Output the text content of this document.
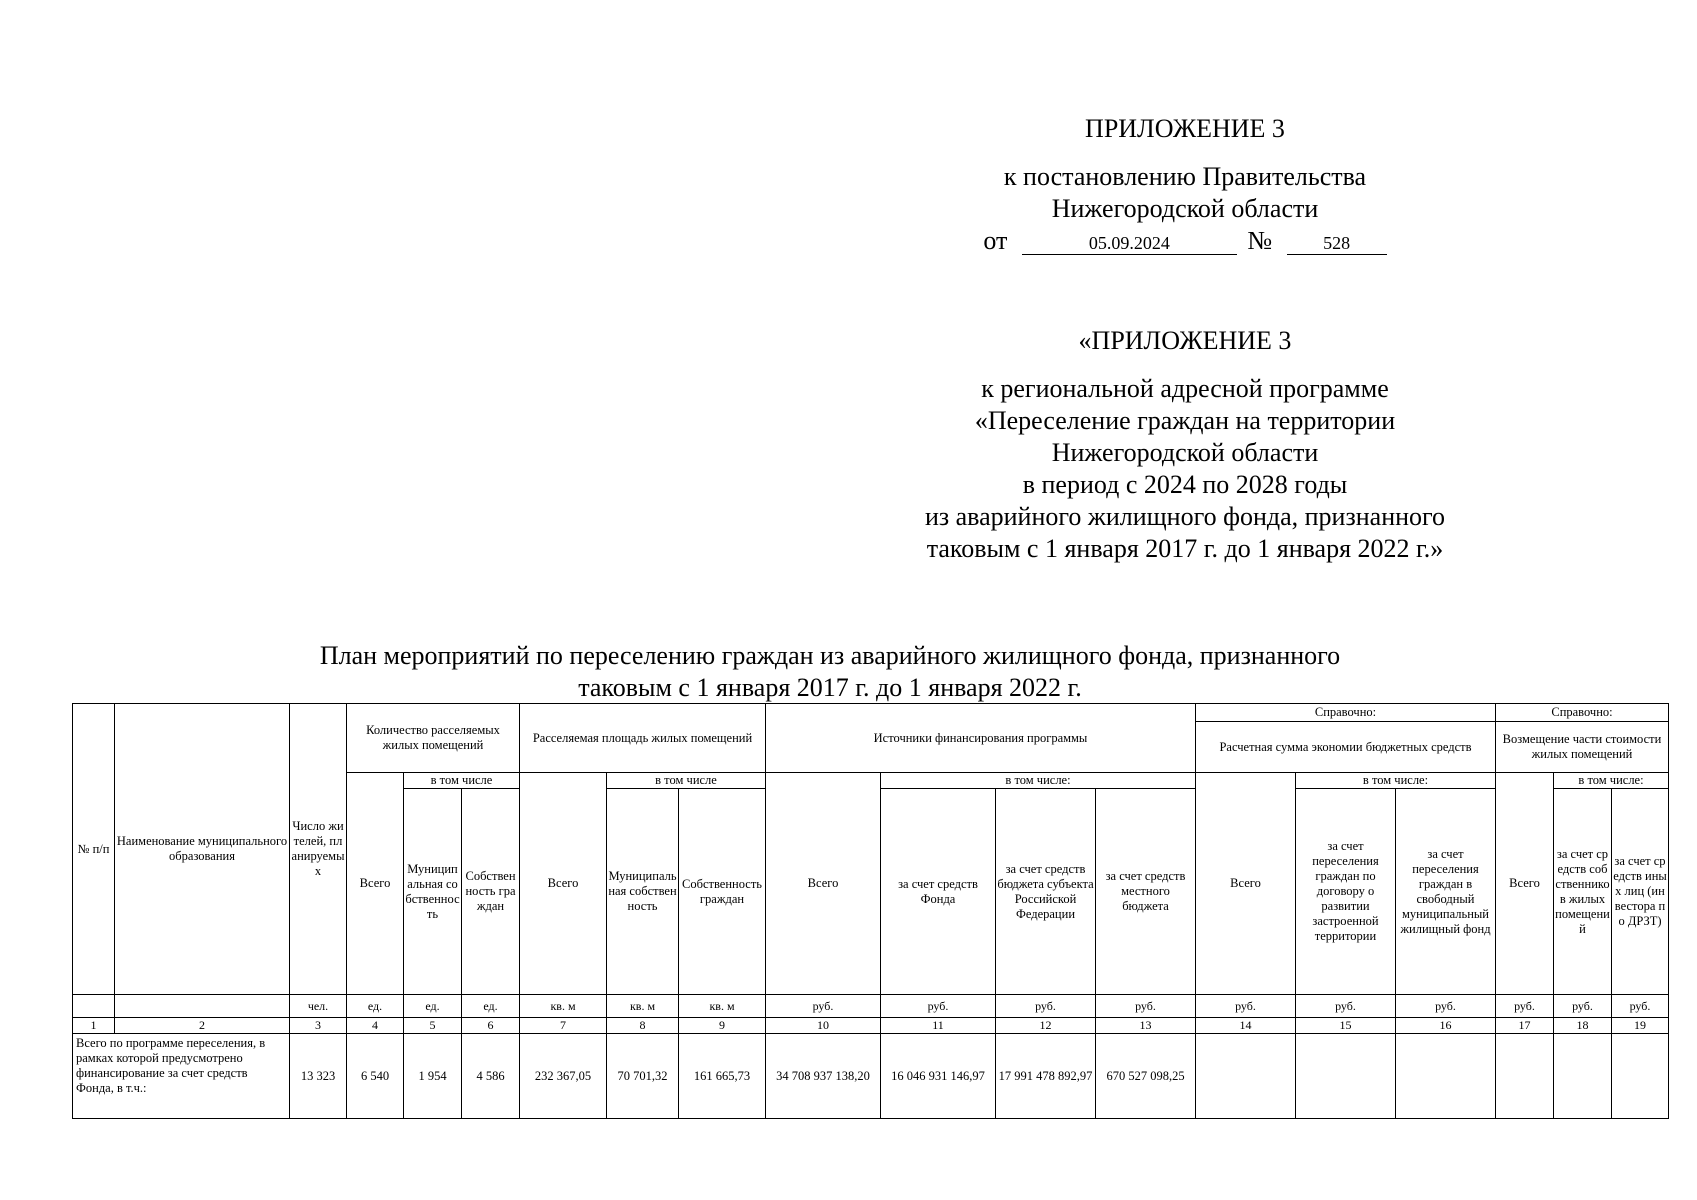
ПРИЛОЖЕНИЕ 3
к постановлению Правительства
Нижегородской области
от	05.09.2024	№	528
«ПРИЛОЖЕНИЕ 3
к региональной адресной программе
«Переселение граждан на территории
Нижегородской области
в период с 2024 по 2028 годы
из аварийного жилищного фонда, признанного
таковым с 1 января 2017 г. до 1 января 2022 г.»
План мероприятий по переселению граждан из аварийного жилищного фонда, признанного
таковым с 1 января 2017 г. до 1 января 2022 г.
№ п/п	Наименование муниципального образования	Число жителей, планируемых	Количество расселяемых жилых помещений			Расселяемая площадь жилых помещений			Источники финансирования программы				Справочно:			Справочно:		
													Расчетная сумма экономии бюджетных средств			Возмещение части стоимости жилых помещений		
			Всего	в том числе		Всего	в том числе		Всего	в том числе:			Всего	в том числе:		Всего	в том числе:	
				Муниципальная собственность	Собственность граждан		Муниципальная собственность	Собственность граждан		за счет средств Фонда	за счет средств бюджета субъекта Российской Федерации	за счет средств местного бюджета		за счет переселения граждан по договору о развитии застроенной территории	за счет переселения граждан в свободный муниципальный жилищный фонд		за счет средств собственников жилых помещений	за счет средств иных лиц (инвестора по ДРЗТ)
		чел.	ед.	ед.	ед.	кв. м	кв. м	кв. м	руб.	руб.	руб.	руб.	руб.	руб.	руб.	руб.	руб.	руб.
1	2	3	4	5	6	7	8	9	10	11	12	13	14	15	16	17	18	19
Всего по программе переселения, в рамках которой предусмотрено финансирование за счет средств Фонда, в т.ч.:		13 323	6 540	1 954	4 586	232 367,05	70 701,32	161 665,73	34 708 937 138,20	16 046 931 146,97	17 991 478 892,97	670 527 098,25						
